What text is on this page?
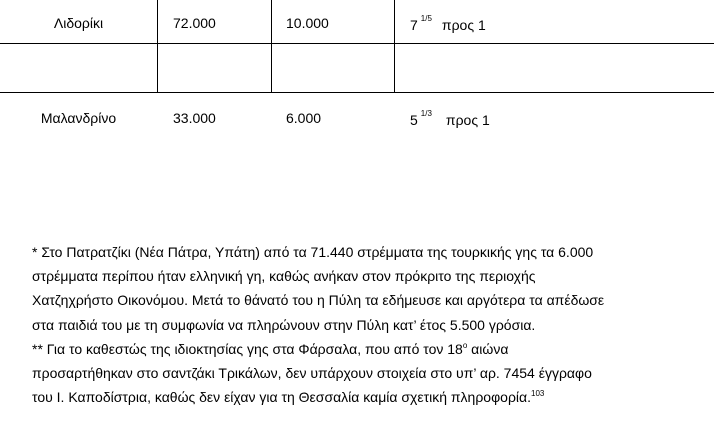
Λιδορίκι	72.000	10.000	7 $^{1/5}$ προς 1
Μαλανδρίνο	33.000	6.000	5 $^{1/3}$ προς 1
* Στο Πατρατζίκι (Νέα Πάτρα, Υπάτη) από τα 71.440 στρέμματα της τουρκικής γης τα 6.000
στρέμματα περίπου ήταν ελληνική γη, καθώς ανήκαν στον πρόκριτο της περιοχής
Χατζηχρήστο Οικονόμου. Μετά το θάνατό του η Πύλη τα εδήμευσε και αργότερα τα απέδωσε
στα παιδιά του με τη συμφωνία να πληρώνουν στην Πύλη κατ’ έτος 5.500 γρόσια.
** Για το καθεστώς της ιδιοκτησίας γης στα Φάρσαλα, που από τον $18^o$ αιώνα
προσαρτήθηκαν στο σαντζάκι Τρικάλων, δεν υπάρχουν στοιχεία στο υπ’ αρ. 7454 έγγραφο
του Ι. Καποδίστρια, καθώς δεν είχαν για τη Θεσσαλία καμία σχετική πληροφορία.$^{103}$
